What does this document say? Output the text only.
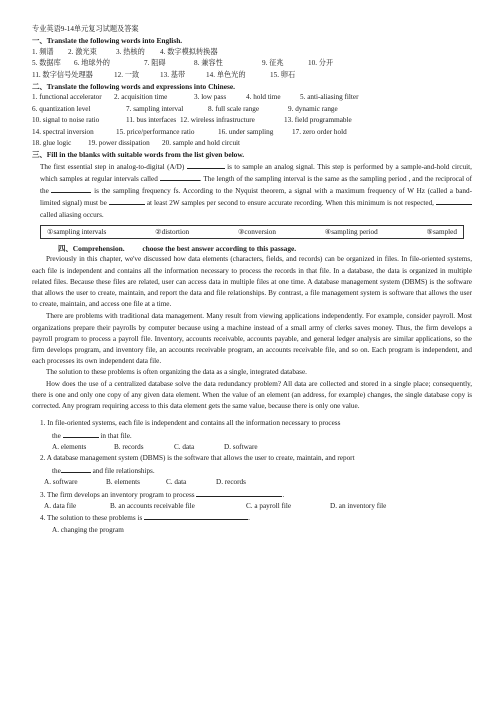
专业英语9-14单元复习试题及答案
一、Translate the following words into English.
1. 频谱 2. 激光束	3. 热核的 4. 数字模拟转换器
5. 数据库 6. 地球外的	7. 阻碍	8. 兼容性	9. 征兆	10. 分开
11. 数字信号处理器	12. 一致	13. 基带	14. 单色光的	15. 卵石
二、Translate the following words and expressions into Chinese.
1. functional accelerator 2. acquisition time	3. low pass	4. hold time	5. anti-aliasing filter
6. quantization level	7. sampling interval	8. full scale range	9. dynamic range
10. signal to noise ratio	11. bus interfaces 12. wireless infrastructure	13. field programmable
14. spectral inversion	15. price/performance ratio	16. under sampling	17. zero order hold
18. glue logic 19. power dissipation 20. sample and hold circuit
三、Fill in the blanks with suitable words from the list given below.
The first essential step in analog-to-digital (A/D)	is to sample an analog signal. This step is performed by a sample-and-hold circuit, which samples at regular intervals called	. The length of the sampling interval is the same as the sampling period , and the reciprocal of the	is the sampling frequency fs. According to the Nyquist theorem, a signal with a maximum frequency of W Hz (called a band-limited signal) must be	at least 2W samples per second to ensure accurate recording. When this minimum is not respected,  called aliasing occurs.
①sampling intervals	②distortion	③conversion	④sampling period	⑤sampled
四、Comprehension. choose the best answer according to this passage.
Previously in this chapter, we've discussed how data elements (characters, fields, and records) can be organized in files. In file-oriented systems, each file is independent and contains all the information necessary to process the records in that file. In a database, the data is organized in multiple related files. Because these files are related, user can access data in multiple files at one time. A database management system (DBMS) is the software that allows the user to create, maintain, and report the data and file relationships. By contrast, a file management system is software that allows the user to create, maintain, and access one file at a time.
There are problems with traditional data management. Many result from viewing applications independently. For example, consider payroll. Most organizations prepare their payrolls by computer because using a machine instead of a small army of clerks saves money. Thus, the firm develops a payroll program to process a payroll file. Inventory, accounts receivable, accounts payable, and general ledger analysis are similar applications, so the firm develops program, and inventory file, an accounts receivable program, an accounts receivable file, and so on. Each program is independent, and each processes its own independent data file.
The solution to these problems is often organizing the data as a single, integrated database.
How does the use of a centralized database solve the data redundancy problem? All data are collected and stored in a single place; consequently, there is one and only one copy of any given data element. When the value of an element (an address, for example) changes, the single database copy is corrected. Any program requiring access to this data element gets the same value, because there is only one value.
1. In file-oriented systems, each file is independent and contains all the information necessary to process
the	in that file.
A. elements	B. records	C. data	D. software
2. A database management system (DBMS) is the software that allows the user to create, maintain, and report
the	and file relationships.
A. software	B. elements	C. data	D. records
3. The firm develops an inventory program to process	.
A. data file	B. an accounts receivable file	C. a payroll file	D. an inventory file
4. The solution to these problems is	.
A. changing the program
